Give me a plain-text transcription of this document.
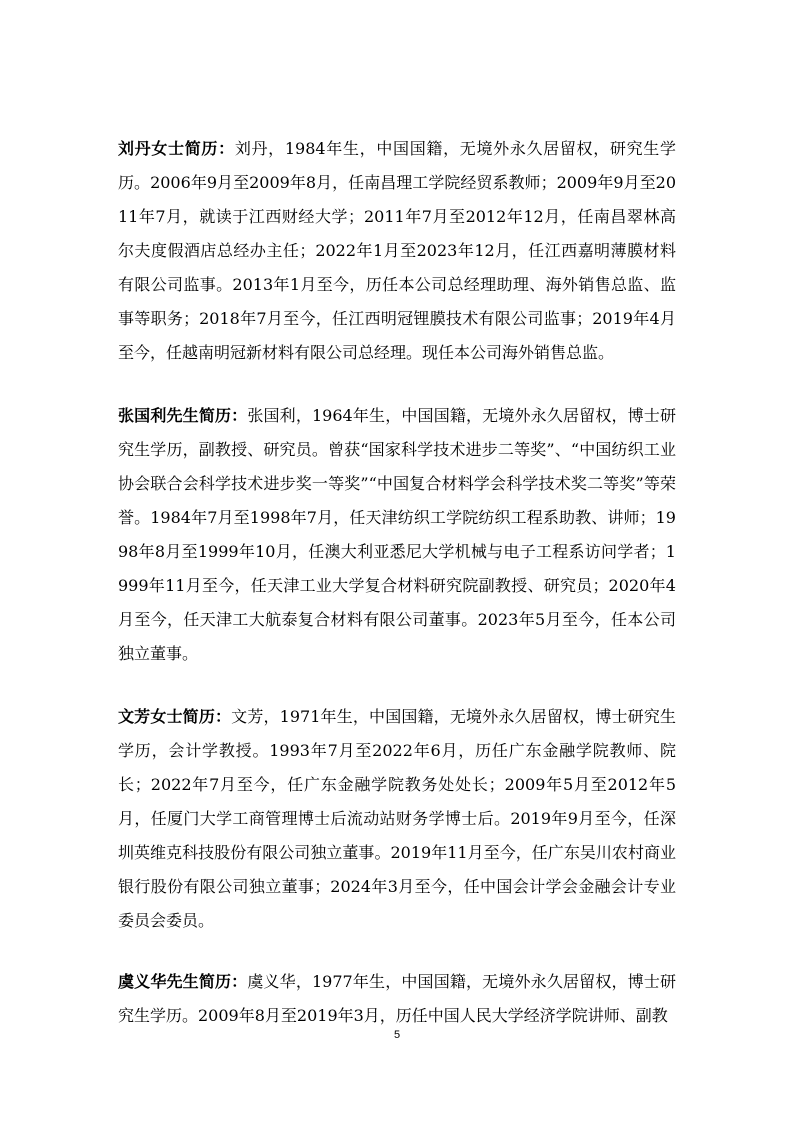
刘丹女士简历：刘丹，1984年生，中国国籍，无境外永久居留权，研究生学历。2006年9月至2009年8月，任南昌理工学院经贸系教师；2009年9月至2011年7月，就读于江西财经大学；2011年7月至2012年12月，任南昌翠林高尔夫度假酒店总经办主任；2022年1月至2023年12月，任江西嘉明薄膜材料有限公司监事。2013年1月至今，历任本公司总经理助理、海外销售总监、监事等职务；2018年7月至今，任江西明冠锂膜技术有限公司监事；2019年4月至今，任越南明冠新材料有限公司总经理。现任本公司海外销售总监。

张国利先生简历：张国利，1964年生，中国国籍，无境外永久居留权，博士研究生学历，副教授、研究员。曾获“国家科学技术进步二等奖”、“中国纺织工业协会联合会科学技术进步奖一等奖”“中国复合材料学会科学技术奖二等奖”等荣誉。1984年7月至1998年7月，任天津纺织工学院纺织工程系助教、讲师；1998年8月至1999年10月，任澳大利亚悉尼大学机械与电子工程系访问学者；1999年11月至今，任天津工业大学复合材料研究院副教授、研究员；2020年4月至今，任天津工大航泰复合材料有限公司董事。2023年5月至今，任本公司独立董事。

文芳女士简历：文芳，1971年生，中国国籍，无境外永久居留权，博士研究生学历，会计学教授。1993年7月至2022年6月，历任广东金融学院教师、院长；2022年7月至今，任广东金融学院教务处处长；2009年5月至2012年5月，任厦门大学工商管理博士后流动站财务学博士后。2019年9月至今，任深圳英维克科技股份有限公司独立董事。2019年11月至今，任广东吴川农村商业银行股份有限公司独立董事；2024年3月至今，任中国会计学会金融会计专业委员会委员。

虞义华先生简历：虞义华，1977年生，中国国籍，无境外永久居留权，博士研究生学历。2009年8月至2019年3月，历任中国人民大学经济学院讲师、副教

5
